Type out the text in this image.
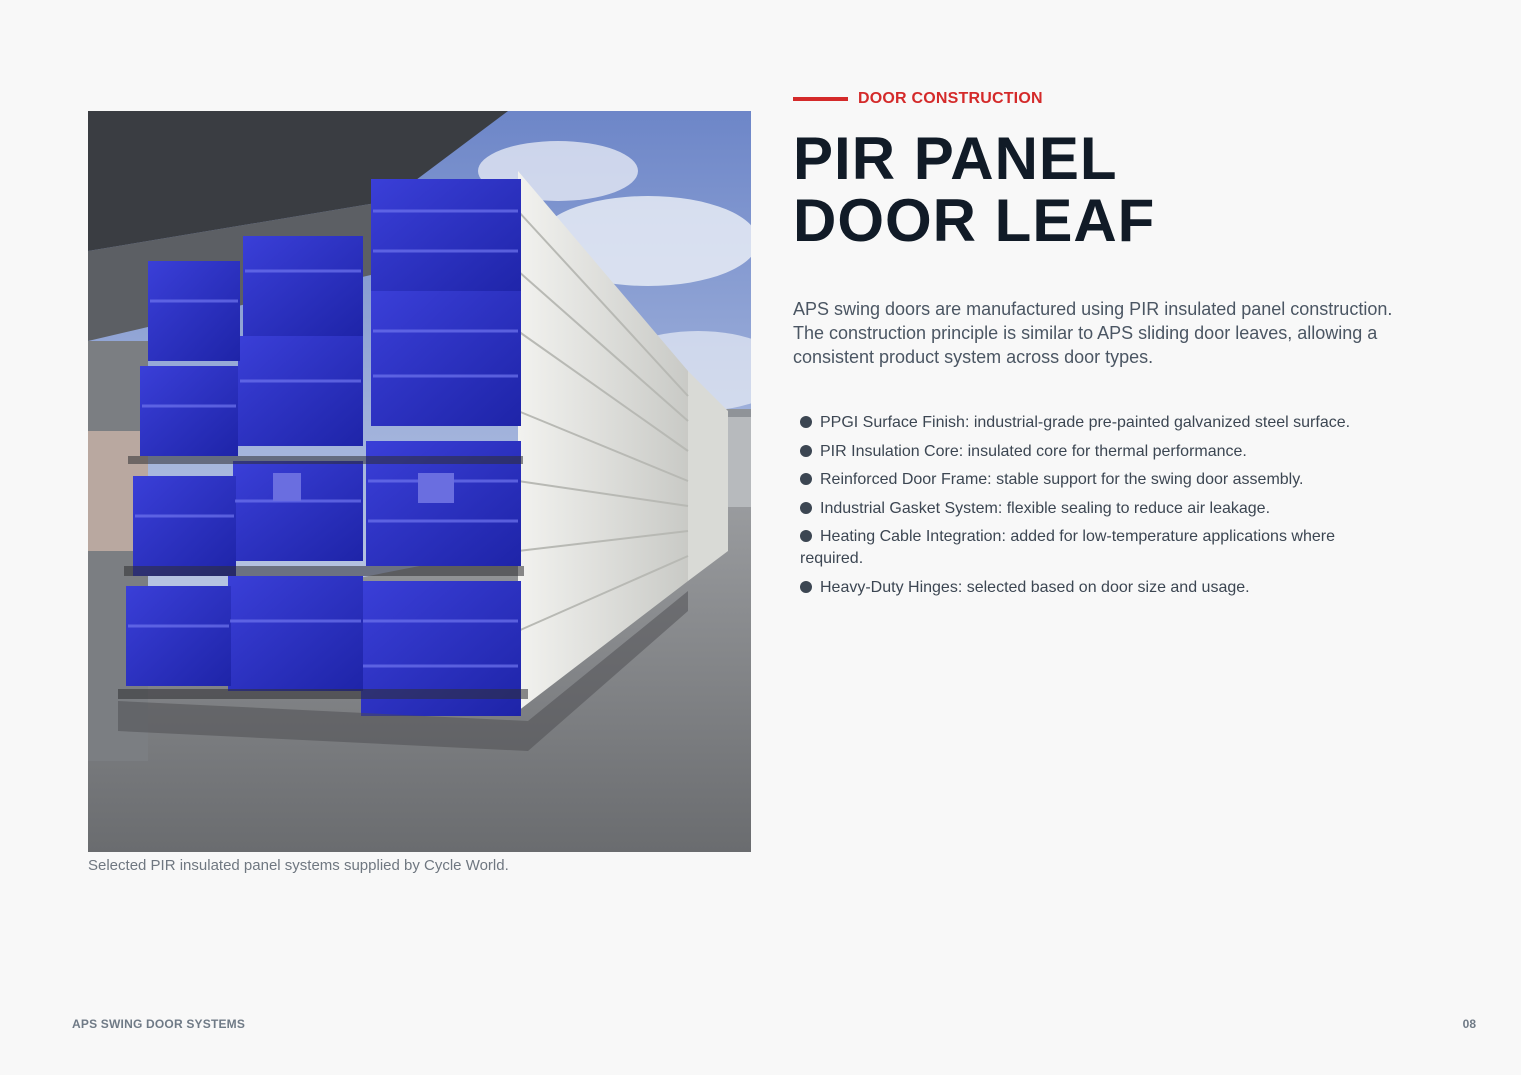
Selected PIR insulated panel systems supplied by Cycle World.
DOOR CONSTRUCTION
PIR PANEL
DOOR LEAF

APS swing doors are manufactured using PIR insulated panel construction. The construction principle is similar to APS sliding door leaves, allowing a consistent product system across door types.

PPGI Surface Finish: industrial-grade pre-painted galvanized steel surface.
PIR Insulation Core: insulated core for thermal performance.
Reinforced Door Frame: stable support for the swing door assembly.
Industrial Gasket System: flexible sealing to reduce air leakage.
Heating Cable Integration: added for low-temperature applications where required.
Heavy-Duty Hinges: selected based on door size and usage.
APS SWING DOOR SYSTEMS	08
